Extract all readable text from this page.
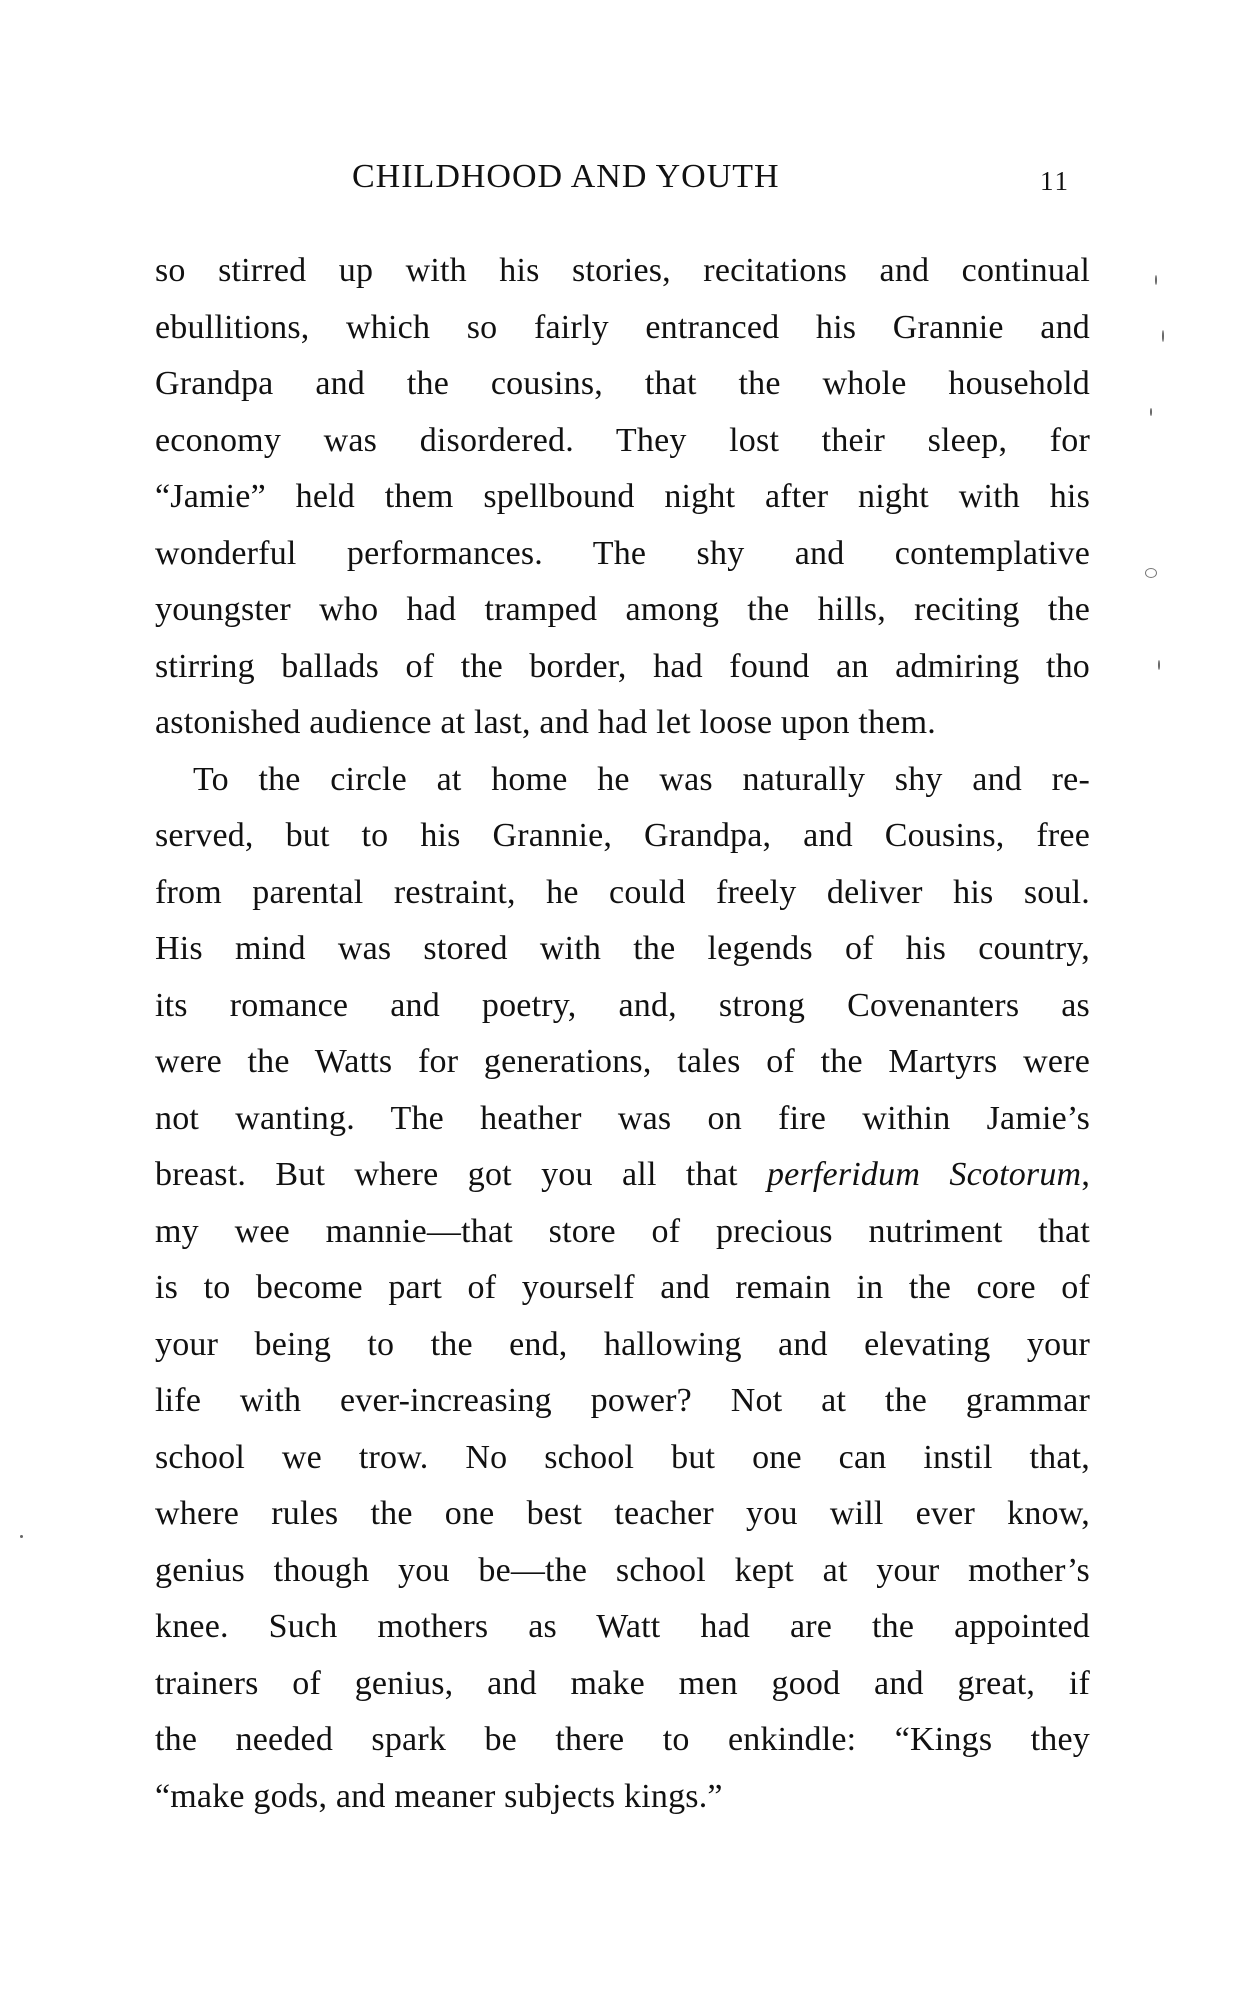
CHILDHOOD AND YOUTH	11
so stirred up with his stories, recitations and continual
ebullitions, which so fairly entranced his Grannie and
Grandpa and the cousins, that the whole household
economy was disordered. They lost their sleep, for
“Jamie” held them spellbound night after night with his
wonderful performances. The shy and contemplative
youngster who had tramped among the hills, reciting the
stirring ballads of the border, had found an admiring tho
astonished audience at last, and had let loose upon them.
To the circle at home he was naturally shy and re-
served, but to his Grannie, Grandpa, and Cousins, free
from parental restraint, he could freely deliver his soul.
His mind was stored with the legends of his country,
its romance and poetry, and, strong Covenanters as
were the Watts for generations, tales of the Martyrs were
not wanting. The heather was on fire within Jamie’s
breast. But where got you all that perferidum Scotorum,
my wee mannie—that store of precious nutriment that
is to become part of yourself and remain in the core of
your being to the end, hallowing and elevating your
life with ever-increasing power? Not at the grammar
school we trow. No school but one can instil that,
where rules the one best teacher you will ever know,
genius though you be—the school kept at your mother’s
knee. Such mothers as Watt had are the appointed
trainers of genius, and make men good and great, if
the needed spark be there to enkindle: “Kings they
“make gods, and meaner subjects kings.”
